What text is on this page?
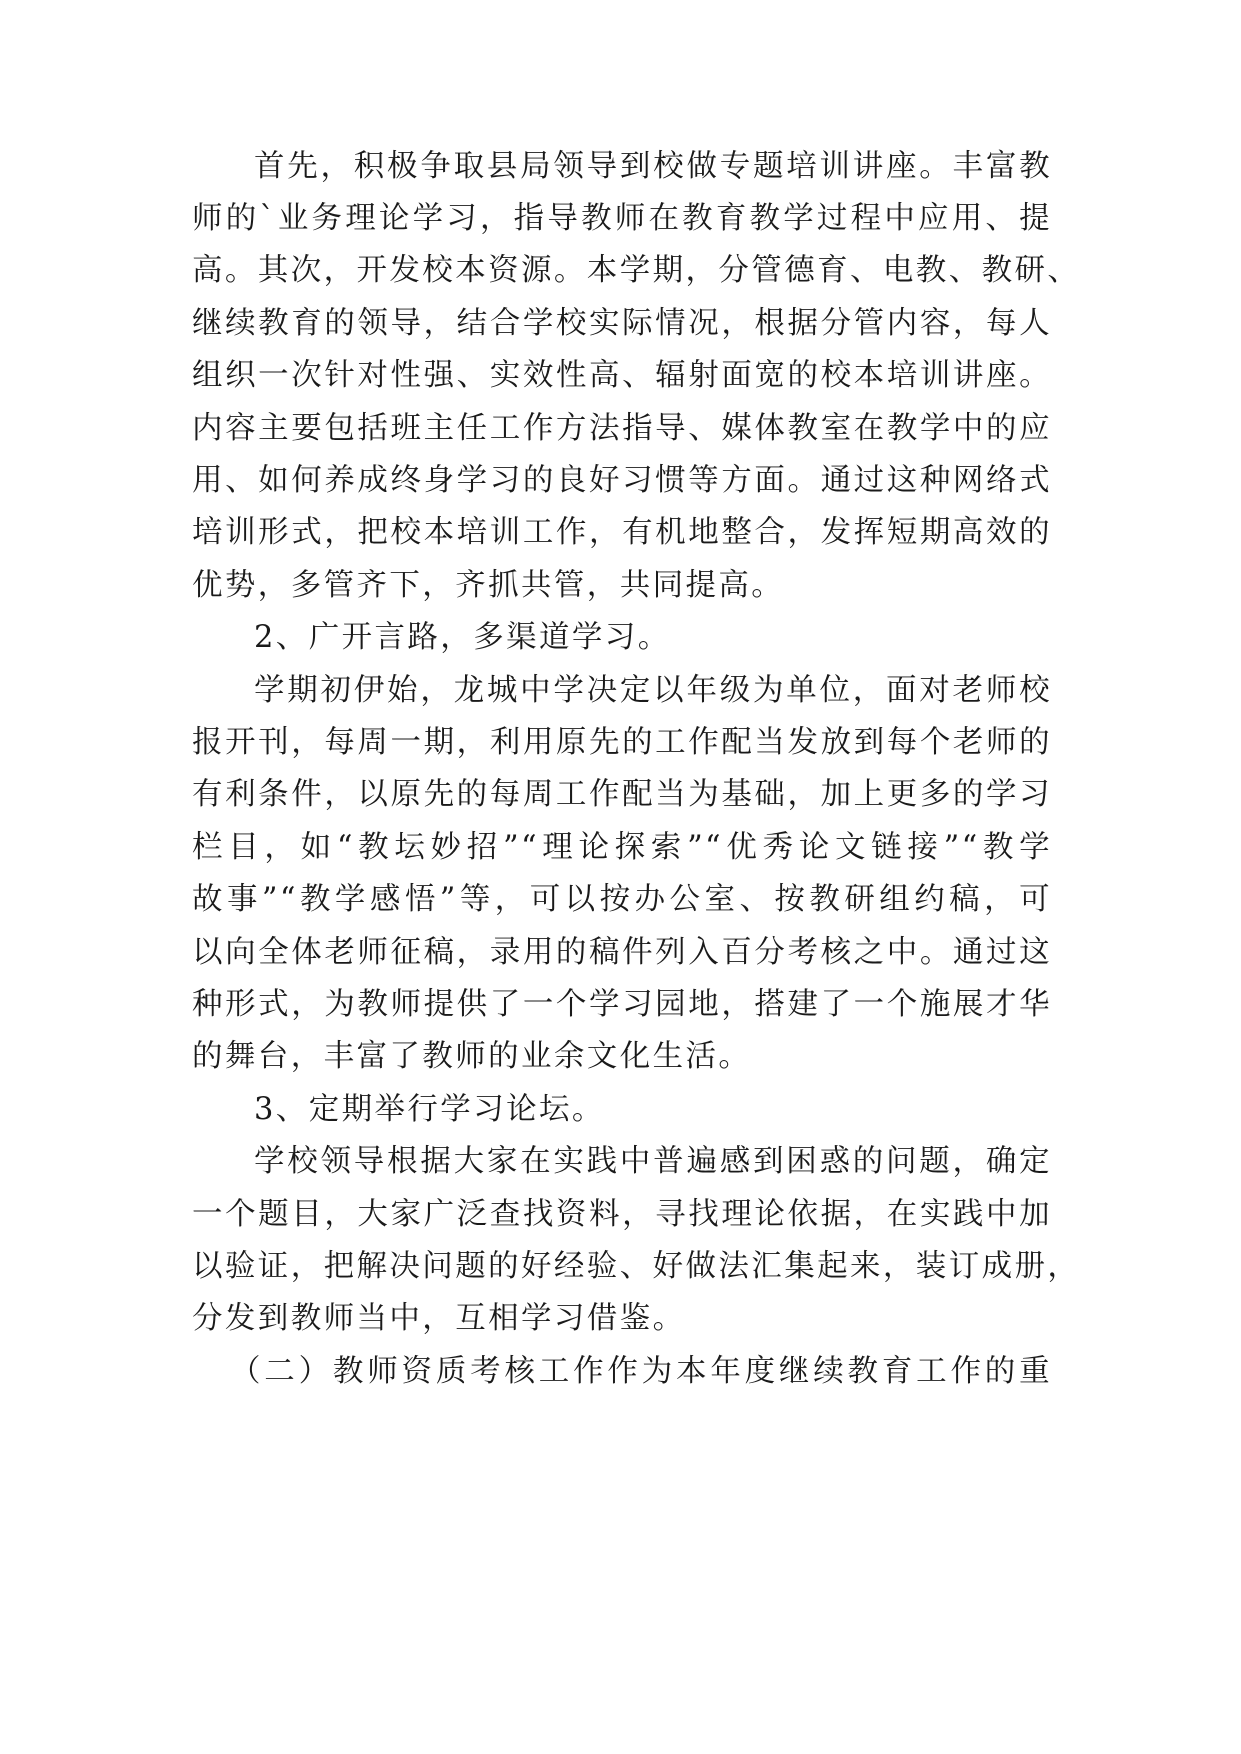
首先，积极争取县局领导到校做专题培训讲座。丰富教
师的`业务理论学习，指导教师在教育教学过程中应用、提
高。其次，开发校本资源。本学期，分管德育、电教、教研、
继续教育的领导，结合学校实际情况，根据分管内容，每人
组织一次针对性强、实效性高、辐射面宽的校本培训讲座。
内容主要包括班主任工作方法指导、媒体教室在教学中的应
用、如何养成终身学习的良好习惯等方面。通过这种网络式
培训形式，把校本培训工作，有机地整合，发挥短期高效的
优势，多管齐下，齐抓共管，共同提高。
2、广开言路，多渠道学习。
学期初伊始，龙城中学决定以年级为单位，面对老师校
报开刊，每周一期，利用原先的工作配当发放到每个老师的
有利条件，以原先的每周工作配当为基础，加上更多的学习
栏目，如“教坛妙招”“理论探索”“优秀论文链接”“教学
故事”“教学感悟”等，可以按办公室、按教研组约稿，可
以向全体老师征稿，录用的稿件列入百分考核之中。通过这
种形式，为教师提供了一个学习园地，搭建了一个施展才华
的舞台，丰富了教师的业余文化生活。
3、定期举行学习论坛。
学校领导根据大家在实践中普遍感到困惑的问题，确定
一个题目，大家广泛查找资料，寻找理论依据，在实践中加
以验证，把解决问题的好经验、好做法汇集起来，装订成册，
分发到教师当中，互相学习借鉴。
（二）教师资质考核工作作为本年度继续教育工作的重
